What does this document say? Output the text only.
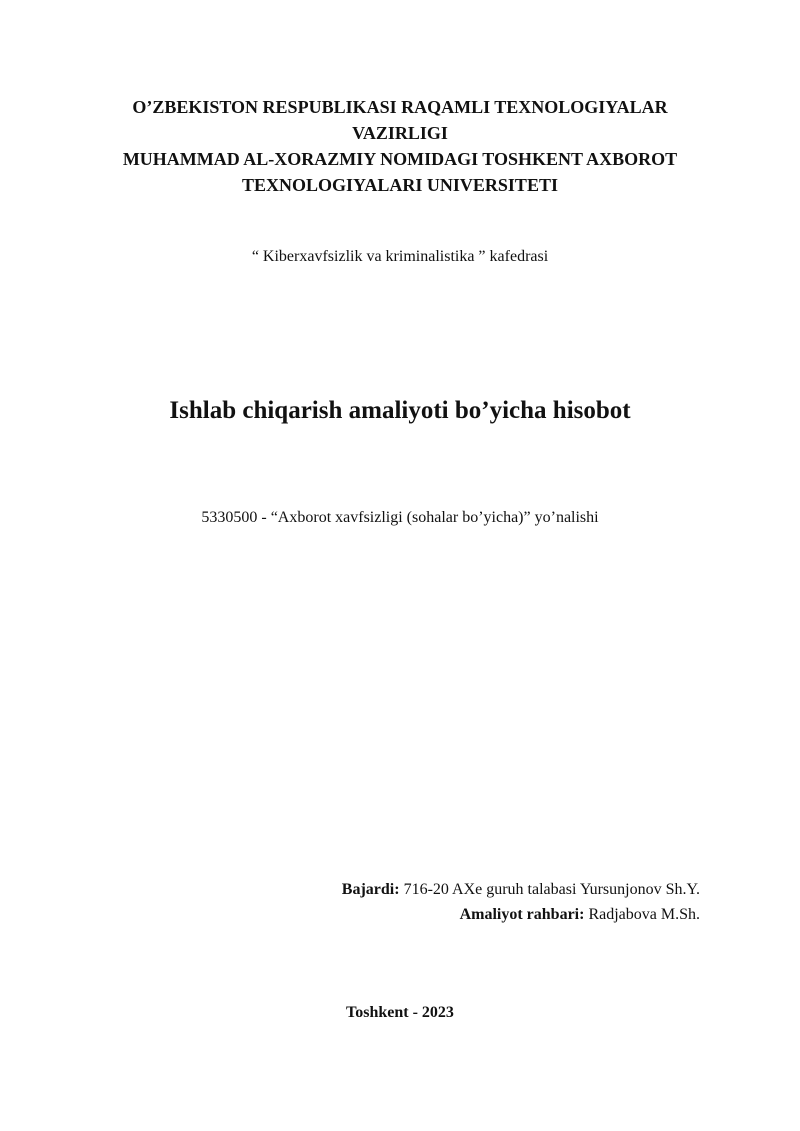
O’ZBEKISTON RESPUBLIKASI RAQAMLI TEXNOLOGIYALAR
VAZIRLIGI
MUHAMMAD AL-XORAZMIY NOMIDAGI TOSHKENT AXBOROT
TEXNOLOGIYALARI UNIVERSITETI
“ Kiberxavfsizlik va kriminalistika ” kafedrasi
Ishlab chiqarish amaliyoti bo’yicha hisobot
5330500 - “Axborot xavfsizligi (sohalar bo’yicha)” yo’nalishi
Bajardi: 716-20 AXe guruh talabasi Yursunjonov Sh.Y.
Amaliyot rahbari: Radjabova M.Sh.
Toshkent - 2023
